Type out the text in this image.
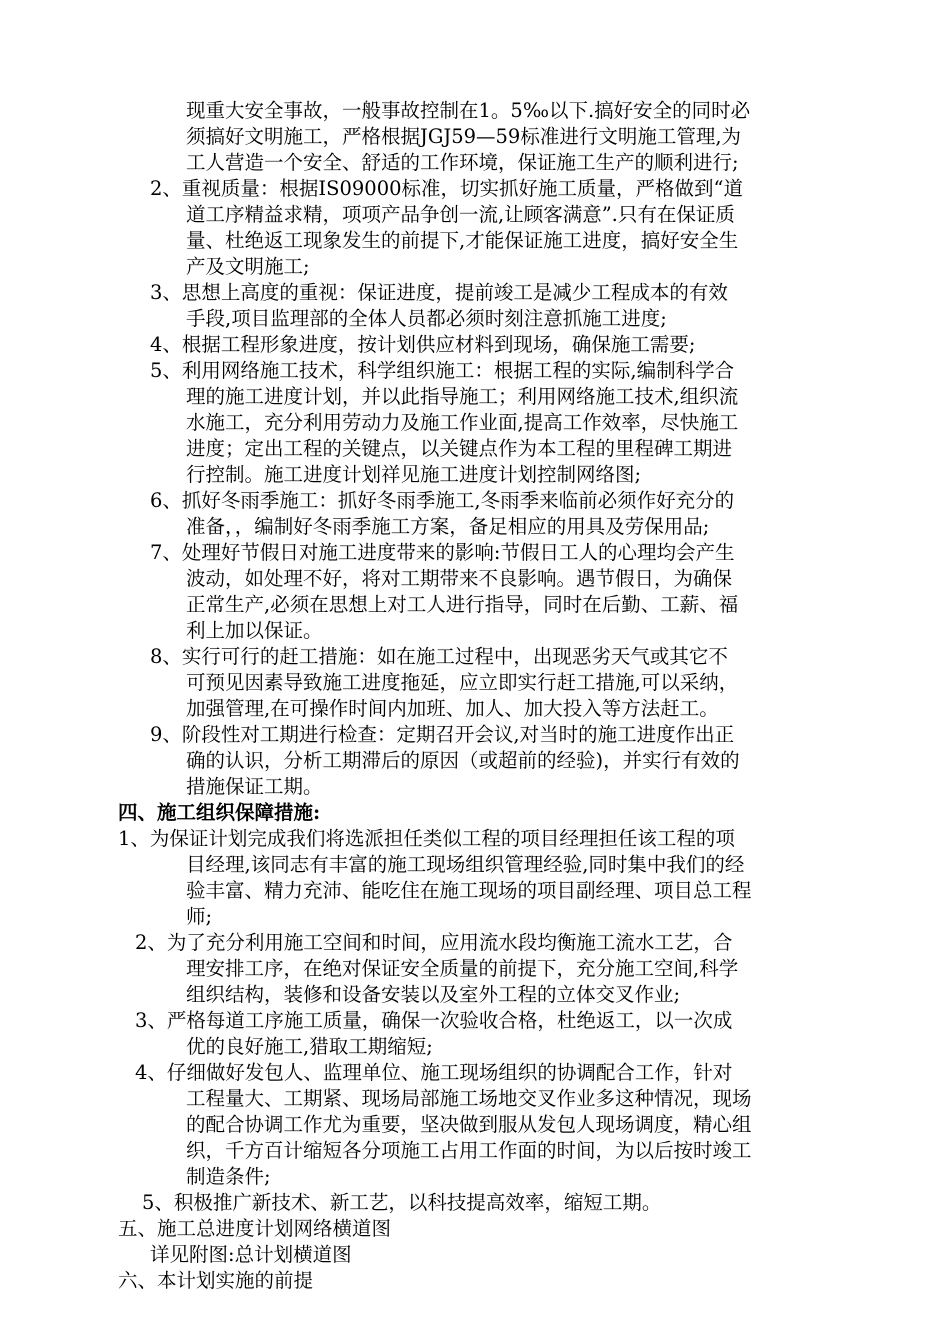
现重大安全事故，一般事故控制在1。5‰以下.搞好安全的同时必
须搞好文明施工，严格根据JGJ59—59标准进行文明施工管理,为
工人营造一个安全、舒适的工作环境，保证施工生产的顺利进行;
2、重视质量：根据IS09000标准，切实抓好施工质量，严格做到“道
道工序精益求精，项项产品争创一流,让顾客满意”.只有在保证质
量、杜绝返工现象发生的前提下,才能保证施工进度，搞好安全生
产及文明施工;
3、思想上高度的重视：保证进度，提前竣工是减少工程成本的有效
手段,项目监理部的全体人员都必须时刻注意抓施工进度;
4、根据工程形象进度，按计划供应材料到现场，确保施工需要;
5、利用网络施工技术，科学组织施工：根据工程的实际,编制科学合
理的施工进度计划，并以此指导施工；利用网络施工技术,组织流
水施工，充分利用劳动力及施工作业面,提高工作效率，尽快施工
进度；定出工程的关键点，以关键点作为本工程的里程碑工期进
行控制。施工进度计划祥见施工进度计划控制网络图;
6、抓好冬雨季施工：抓好冬雨季施工,冬雨季来临前必须作好充分的
准备，，编制好冬雨季施工方案，备足相应的用具及劳保用品;
7、处理好节假日对施工进度带来的影响:节假日工人的心理均会产生
波动，如处理不好，将对工期带来不良影响。遇节假日，为确保
正常生产,必须在思想上对工人进行指导，同时在后勤、工薪、福
利上加以保证。
8、实行可行的赶工措施：如在施工过程中，出现恶劣天气或其它不
可预见因素导致施工进度拖延，应立即实行赶工措施,可以采纳，
加强管理,在可操作时间内加班、加人、加大投入等方法赶工。
9、阶段性对工期进行检查：定期召开会议,对当时的施工进度作出正
确的认识，分析工期滞后的原因（或超前的经验)，并实行有效的
措施保证工期。
四、施工组织保障措施:
1、为保证计划完成我们将选派担任类似工程的项目经理担任该工程的项
目经理,该同志有丰富的施工现场组织管理经验,同时集中我们的经
验丰富、精力充沛、能吃住在施工现场的项目副经理、项目总工程
师;
2、为了充分利用施工空间和时间，应用流水段均衡施工流水工艺，合
理安排工序，在绝对保证安全质量的前提下，充分施工空间,科学
组织结构，装修和设备安装以及室外工程的立体交叉作业;
3、严格每道工序施工质量，确保一次验收合格，杜绝返工，以一次成
优的良好施工,猎取工期缩短;
4、仔细做好发包人、监理单位、施工现场组织的协调配合工作，针对
工程量大、工期紧、现场局部施工场地交叉作业多这种情况，现场
的配合协调工作尤为重要，坚决做到服从发包人现场调度，精心组
织，千方百计缩短各分项施工占用工作面的时间，为以后按时竣工
制造条件;
5、积极推广新技术、新工艺，以科技提高效率，缩短工期。
五、施工总进度计划网络横道图
详见附图:总计划横道图
六、本计划实施的前提
